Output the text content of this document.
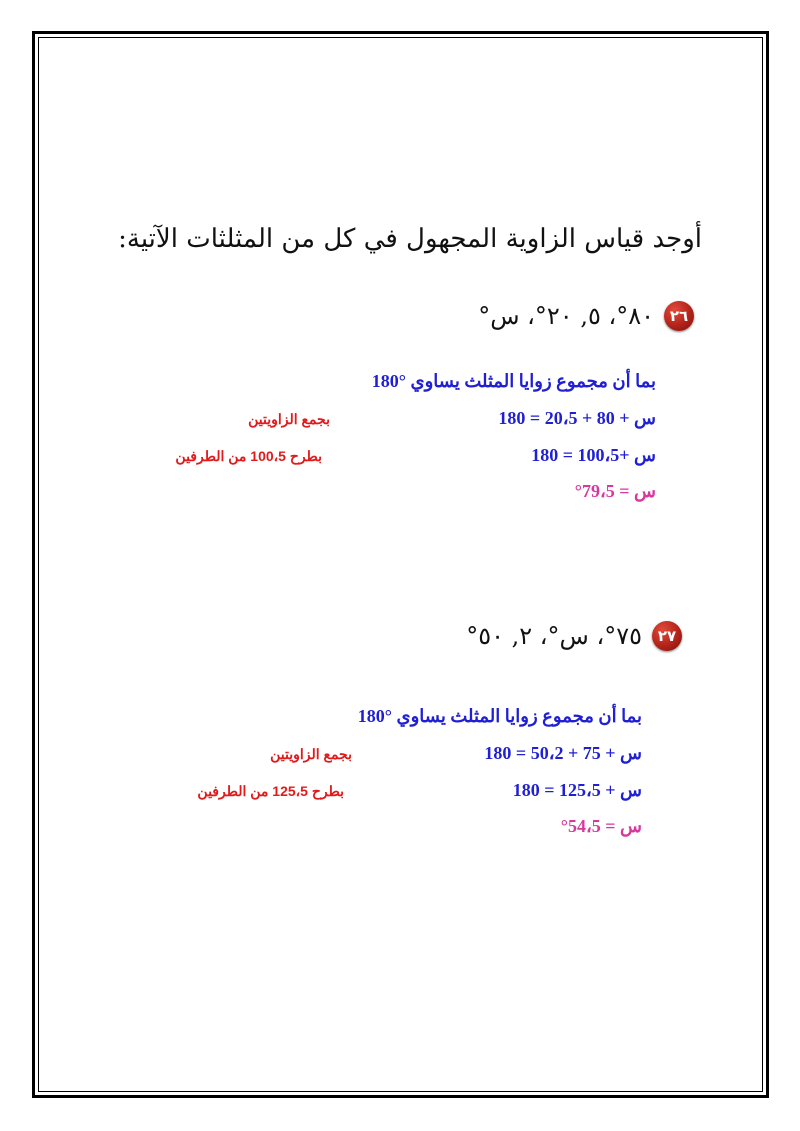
أوجد قياس الزاوية المجهول في كل من المثلثات الآتية:
٢٦
٨٠°، ٥, ٢٠°، س°
بما أن مجموع زوايا المثلث يساوي °180
س + 80 + 20،5 = 180
بجمع الزاويتين
س +100،5 = 180
بطرح 100،5 من الطرفين
س = 79،5°
٢٧
٧٥°، س°، ٢, ٥٠°
بما أن مجموع زوايا المثلث يساوي °180
س + 75 + 50،2 = 180
بجمع الزاويتين
س + 125،5 = 180
بطرح 125،5 من الطرفين
س = 54،5°
